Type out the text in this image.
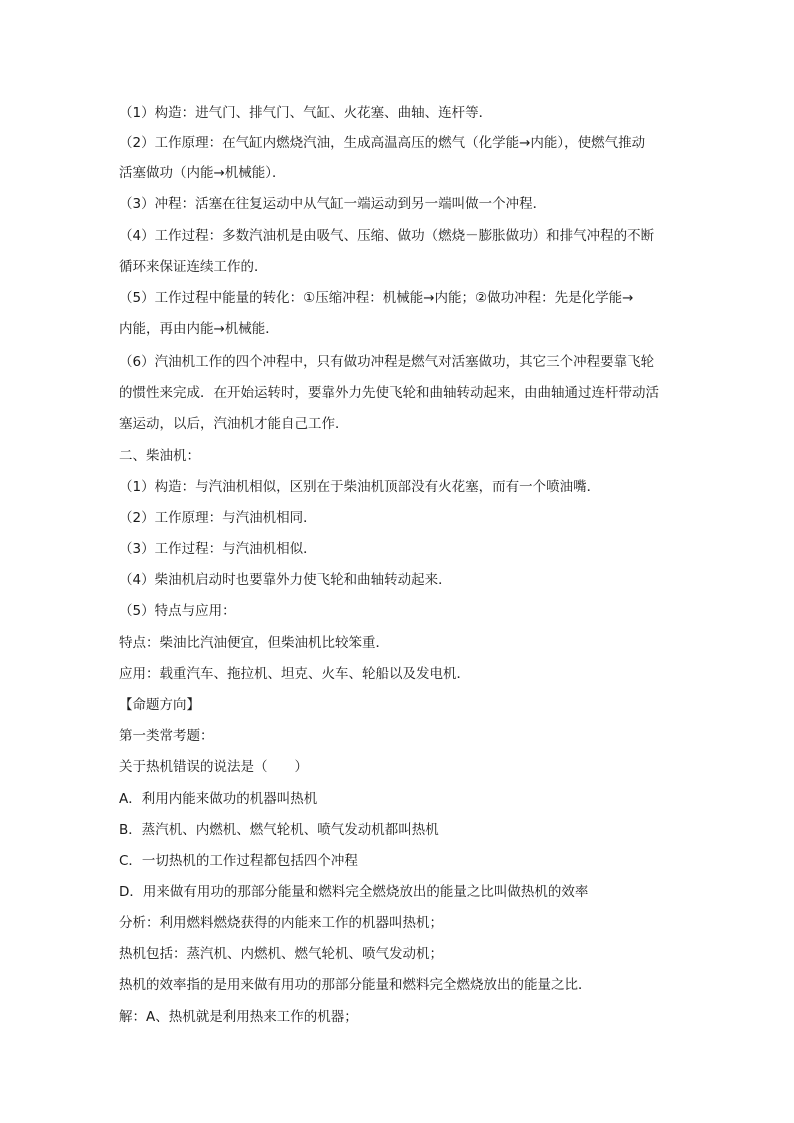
（1）构造：进气门、排气门、气缸、火花塞、曲轴、连杆等．
（2）工作原理：在气缸内燃烧汽油，生成高温高压的燃气（化学能→内能），使燃气推动
活塞做功（内能→机械能）．
（3）冲程：活塞在往复运动中从气缸一端运动到另一端叫做一个冲程．
（4）工作过程：多数汽油机是由吸气、压缩、做功（燃烧－膨胀做功）和排气冲程的不断
循环来保证连续工作的．
（5）工作过程中能量的转化：①压缩冲程：机械能→内能；②做功冲程：先是化学能→
内能，再由内能→机械能．
（6）汽油机工作的四个冲程中，只有做功冲程是燃气对活塞做功，其它三个冲程要靠飞轮
的惯性来完成．在开始运转时，要靠外力先使飞轮和曲轴转动起来，由曲轴通过连杆带动活
塞运动，以后，汽油机才能自己工作．
二、柴油机：
（1）构造：与汽油机相似，区别在于柴油机顶部没有火花塞，而有一个喷油嘴．
（2）工作原理：与汽油机相同．
（3）工作过程：与汽油机相似．
（4）柴油机启动时也要靠外力使飞轮和曲轴转动起来．
（5）特点与应用：
特点：柴油比汽油便宜，但柴油机比较笨重．
应用：载重汽车、拖拉机、坦克、火车、轮船以及发电机．
【命题方向】
第一类常考题：
关于热机错误的说法是（　　）
A．利用内能来做功的机器叫热机
B．蒸汽机、内燃机、燃气轮机、喷气发动机都叫热机
C．一切热机的工作过程都包括四个冲程
D．用来做有用功的那部分能量和燃料完全燃烧放出的能量之比叫做热机的效率
分析：利用燃料燃烧获得的内能来工作的机器叫热机；
热机包括：蒸汽机、内燃机、燃气轮机、喷气发动机；
热机的效率指的是用来做有用功的那部分能量和燃料完全燃烧放出的能量之比．
解：A、热机就是利用热来工作的机器；
